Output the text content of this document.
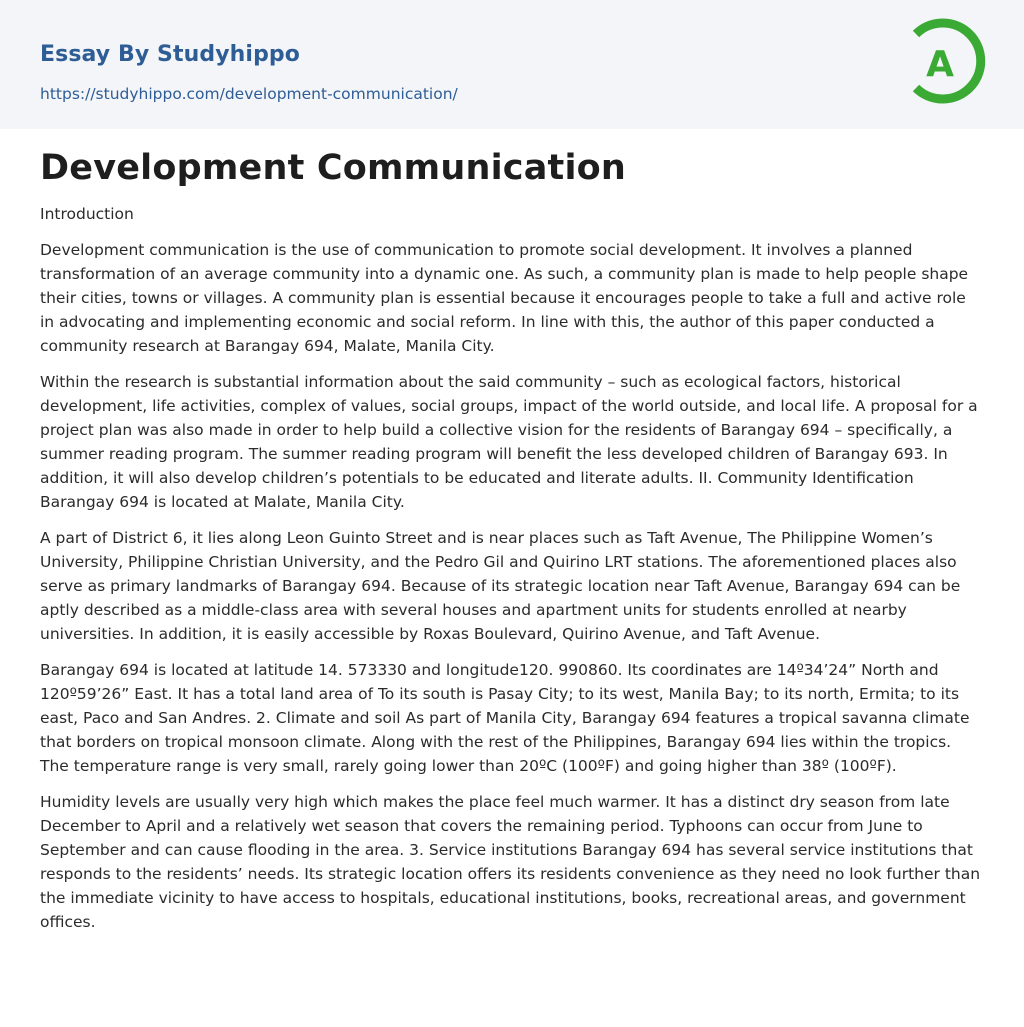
Essay By Studyhippo
https://studyhippo.com/development-communication/
A
Development Communication
Introduction

Development communication is the use of communication to promote social development. It involves a planned transformation of an average community into a dynamic one. As such, a community plan is made to help people shape their cities, towns or villages. A community plan is essential because it encourages people to take a full and active role in advocating and implementing economic and social reform. In line with this, the author of this paper conducted a community research at Barangay 694, Malate, Manila City.

Within the research is substantial information about the said community – such as ecological factors, historical development, life activities, complex of values, social groups, impact of the world outside, and local life. A proposal for a project plan was also made in order to help build a collective vision for the residents of Barangay 694 – specifically, a summer reading program. The summer reading program will benefit the less developed children of Barangay 693. In addition, it will also develop children’s potentials to be educated and literate adults. II. Community Identification Barangay 694 is located at Malate, Manila City.

A part of District 6, it lies along Leon Guinto Street and is near places such as Taft Avenue, The Philippine Women’s University, Philippine Christian University, and the Pedro Gil and Quirino LRT stations. The aforementioned places also serve as primary landmarks of Barangay 694. Because of its strategic location near Taft Avenue, Barangay 694 can be aptly described as a middle-class area with several houses and apartment units for students enrolled at nearby universities. In addition, it is easily accessible by Roxas Boulevard, Quirino Avenue, and Taft Avenue.

Barangay 694 is located at latitude 14. 573330 and longitude120. 990860. Its coordinates are 14º34’24” North and 120º59’26” East. It has a total land area of To its south is Pasay City; to its west, Manila Bay; to its north, Ermita; to its east, Paco and San Andres. 2. Climate and soil As part of Manila City, Barangay 694 features a tropical savanna climate that borders on tropical monsoon climate. Along with the rest of the Philippines, Barangay 694 lies within the tropics. The temperature range is very small, rarely going lower than 20ºC (100ºF) and going higher than 38º (100ºF).

Humidity levels are usually very high which makes the place feel much warmer. It has a distinct dry season from late December to April and a relatively wet season that covers the remaining period. Typhoons can occur from June to September and can cause flooding in the area. 3. Service institutions Barangay 694 has several service institutions that responds to the residents’ needs. Its strategic location offers its residents convenience as they need no look further than the immediate vicinity to have access to hospitals, educational institutions, books, recreational areas, and government offices.
